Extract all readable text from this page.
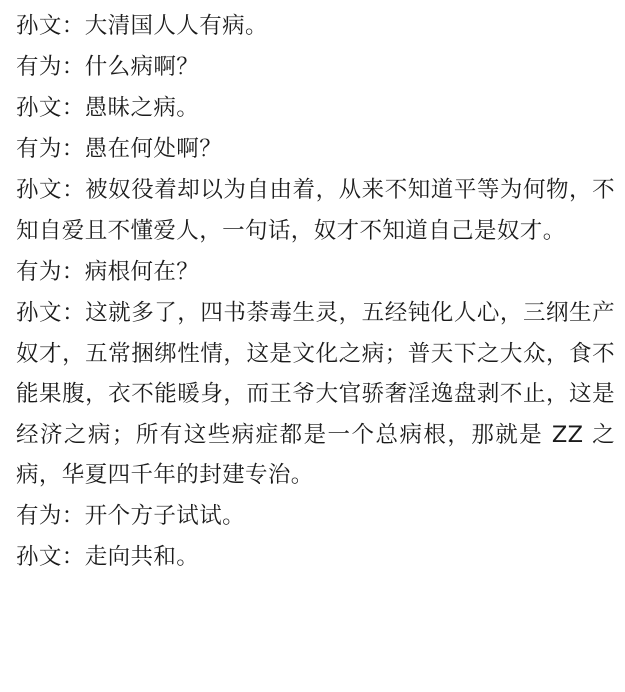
孙文：大清国人人有病。

有为：什么病啊？

孙文：愚昧之病。

有为：愚在何处啊？

孙文：被奴役着却以为自由着，从来不知道平等为何物，不知自爱且不懂爱人，一句话，奴才不知道自己是奴才。

有为：病根何在？

孙文：这就多了，四书荼毒生灵，五经钝化人心，三纲生产奴才，五常捆绑性情，这是文化之病；普天下之大众，食不能果腹，衣不能暖身，而王爷大官骄奢淫逸盘剥不止，这是经济之病；所有这些病症都是一个总病根，那就是 ZZ 之病，华夏四千年的封建专治。

有为：开个方子试试。

孙文：走向共和。
